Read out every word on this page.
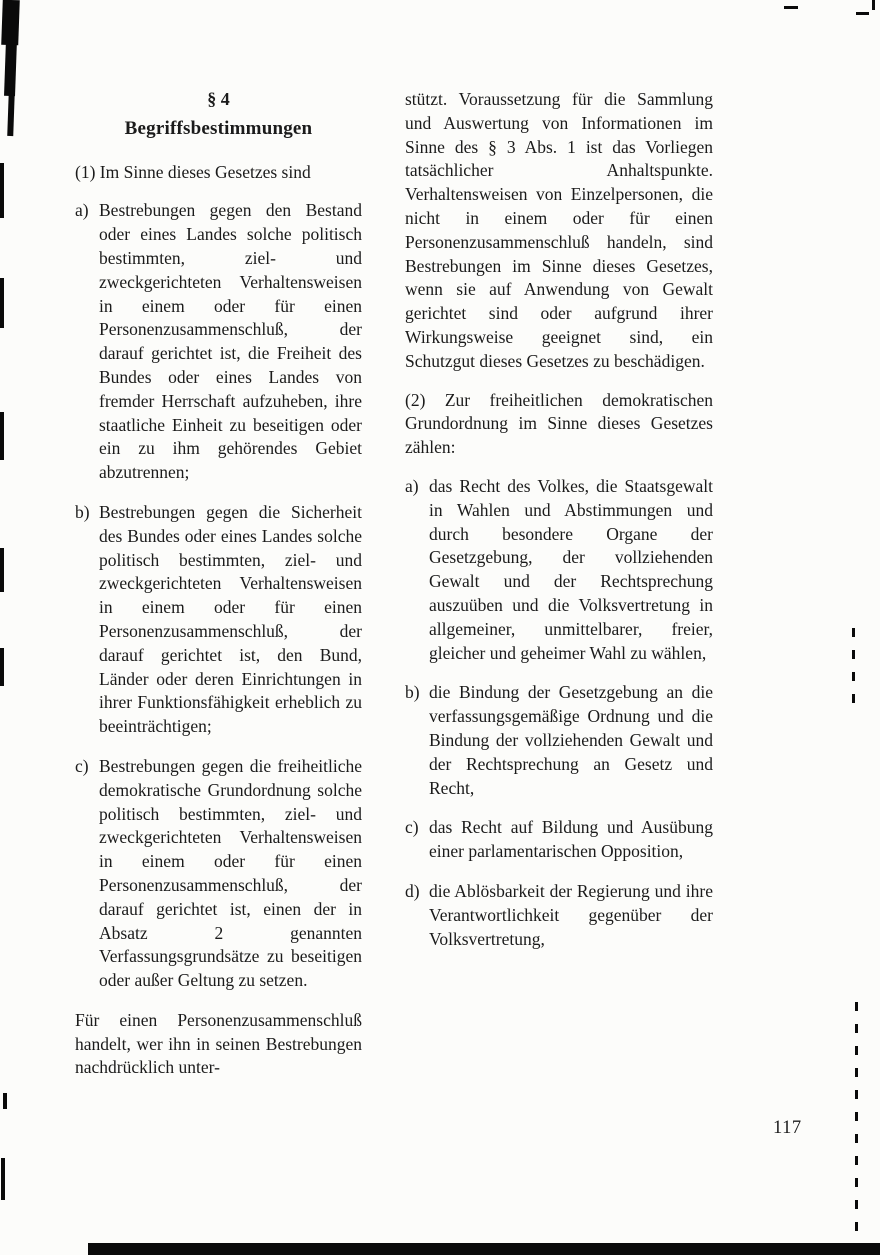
§ 4
Begriffsbestimmungen

(1) Im Sinne dieses Gesetzes sind

a) Bestrebungen gegen den Bestand oder eines Landes solche politisch bestimmten, ziel- und zweckgerichteten Verhaltensweisen in einem oder für einen Personenzusammenschluß, der darauf gerichtet ist, die Freiheit des Bundes oder eines Landes von fremder Herrschaft aufzuheben, ihre staatliche Einheit zu beseitigen oder ein zu ihm gehörendes Gebiet abzutrennen;
b) Bestrebungen gegen die Sicherheit des Bundes oder eines Landes solche politisch bestimmten, ziel- und zweckgerichteten Verhaltensweisen in einem oder für einen Personenzusammenschluß, der darauf gerichtet ist, den Bund, Länder oder deren Einrichtungen in ihrer Funktionsfähigkeit erheblich zu beeinträchtigen;
c) Bestrebungen gegen die freiheitliche demokratische Grundordnung solche politisch bestimmten, ziel- und zweckgerichteten Verhaltensweisen in einem oder für einen Personenzusammenschluß, der darauf gerichtet ist, einen der in Absatz 2 genannten Verfassungsgrundsätze zu beseitigen oder außer Geltung zu setzen.

Für einen Personenzusammenschluß handelt, wer ihn in seinen Bestrebungen nachdrücklich unter-

stützt. Voraussetzung für die Sammlung und Auswertung von Informationen im Sinne des § 3 Abs. 1 ist das Vorliegen tatsächlicher Anhaltspunkte. Verhaltensweisen von Einzelpersonen, die nicht in einem oder für einen Personenzusammenschluß handeln, sind Bestrebungen im Sinne dieses Gesetzes, wenn sie auf Anwendung von Gewalt gerichtet sind oder aufgrund ihrer Wirkungsweise geeignet sind, ein Schutzgut dieses Gesetzes zu beschädigen.

(2) Zur freiheitlichen demokratischen Grundordnung im Sinne dieses Gesetzes zählen:

a) das Recht des Volkes, die Staatsgewalt in Wahlen und Abstimmungen und durch besondere Organe der Gesetzgebung, der vollziehenden Gewalt und der Rechtsprechung auszuüben und die Volksvertretung in allgemeiner, unmittelbarer, freier, gleicher und geheimer Wahl zu wählen,
b) die Bindung der Gesetzgebung an die verfassungsgemäßige Ordnung und die Bindung der vollziehenden Gewalt und der Rechtsprechung an Gesetz und Recht,
c) das Recht auf Bildung und Ausübung einer parlamentarischen Opposition,
d) die Ablösbarkeit der Regierung und ihre Verantwortlichkeit gegenüber der Volksvertretung,
117
